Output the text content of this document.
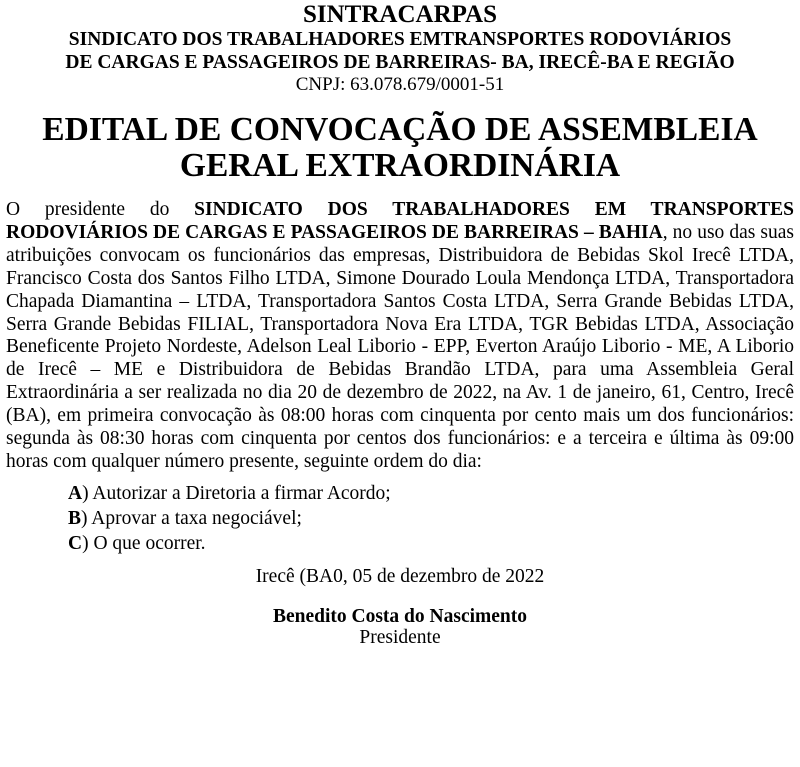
SINTRACARPAS

SINDICATO DOS TRABALHADORES EMTRANSPORTES RODOVIÁRIOS

DE CARGAS E PASSAGEIROS DE BARREIRAS- BA, IRECÊ-BA E REGIÃO

CNPJ: 63.078.679/0001-51

EDITAL DE CONVOCAÇÃO DE ASSEMBLEIA
GERAL EXTRAORDINÁRIA

O presidente do SINDICATO DOS TRABALHADORES EM TRANSPORTES RODOVIÁRIOS DE CARGAS E PASSAGEIROS DE BARREIRAS – BAHIA, no uso das suas atribuições convocam os funcionários das empresas, Distribuidora de Bebidas Skol Irecê LTDA, Francisco Costa dos Santos Filho LTDA, Simone Dourado Loula Mendonça LTDA, Transportadora Chapada Diamantina – LTDA, Transportadora Santos Costa LTDA, Serra Grande Bebidas LTDA, Serra Grande Bebidas FILIAL, Transportadora Nova Era LTDA, TGR Bebidas LTDA, Associação Beneficente Projeto Nordeste, Adelson Leal Liborio - EPP, Everton Araújo Liborio - ME, A Liborio de Irecê – ME e Distribuidora de Bebidas Brandão LTDA, para uma Assembleia Geral Extraordinária a ser realizada no dia 20 de dezembro de 2022, na Av. 1 de janeiro, 61, Centro, Irecê (BA), em primeira convocação às 08:00 horas com cinquenta por cento mais um dos funcionários: segunda às 08:30 horas com cinquenta por centos dos funcionários: e a terceira e última às 09:00 horas com qualquer número presente, seguinte ordem do dia:

A) Autorizar a Diretoria a firmar Acordo;
B) Aprovar a taxa negociável;
C) O que ocorrer.

Irecê (BA0, 05 de dezembro de 2022

Benedito Costa do Nascimento

Presidente
